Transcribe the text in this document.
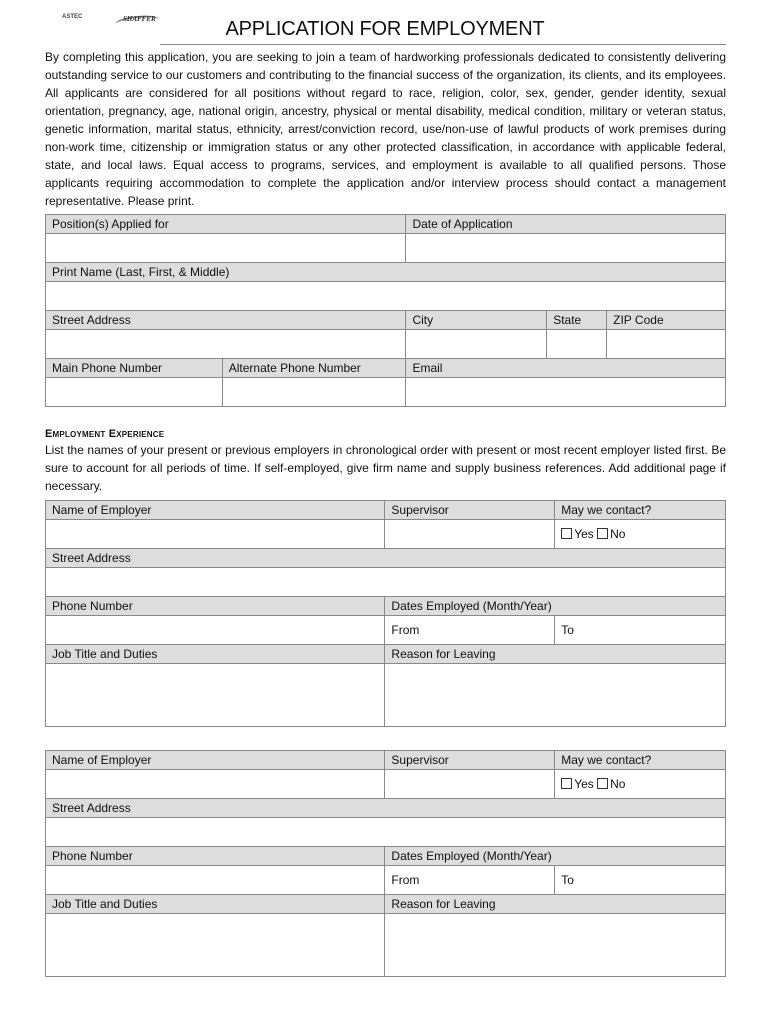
ASTEC	SHAFFER	APPLICATION FOR EMPLOYMENT
By completing this application, you are seeking to join a team of hardworking professionals dedicated to consistently delivering outstanding service to our customers and contributing to the financial success of the organization, its clients, and its employees. All applicants are considered for all positions without regard to race, religion, color, sex, gender, gender identity, sexual orientation, pregnancy, age, national origin, ancestry, physical or mental disability, medical condition, military or veteran status, genetic information, marital status, ethnicity, arrest/conviction record, use/non-use of lawful products of work premises during non-work time, citizenship or immigration status or any other protected classification, in accordance with applicable federal, state, and local laws. Equal access to programs, services, and employment is available to all qualified persons. Those applicants requiring accommodation to complete the application and/or interview process should contact a management representative. Please print.
Position(s) Applied for		Date of Application		

Print Name (Last, First, & Middle)				

Street Address		City	State	ZIP Code

Main Phone Number	Alternate Phone Number	Email		

Employment Experience
List the names of your present or previous employers in chronological order with present or most recent employer listed first. Be sure to account for all periods of time. If self-employed, give firm name and supply business references. Add additional page if necessary.
Name of Employer	Supervisor	May we contact?
		Yes No
Street Address		

Phone Number	Dates Employed (Month/Year)	
	From	To
Job Title and Duties	Reason for Leaving	

Name of Employer	Supervisor	May we contact?
		Yes No
Street Address		

Phone Number	Dates Employed (Month/Year)	
	From	To
Job Title and Duties	Reason for Leaving	
